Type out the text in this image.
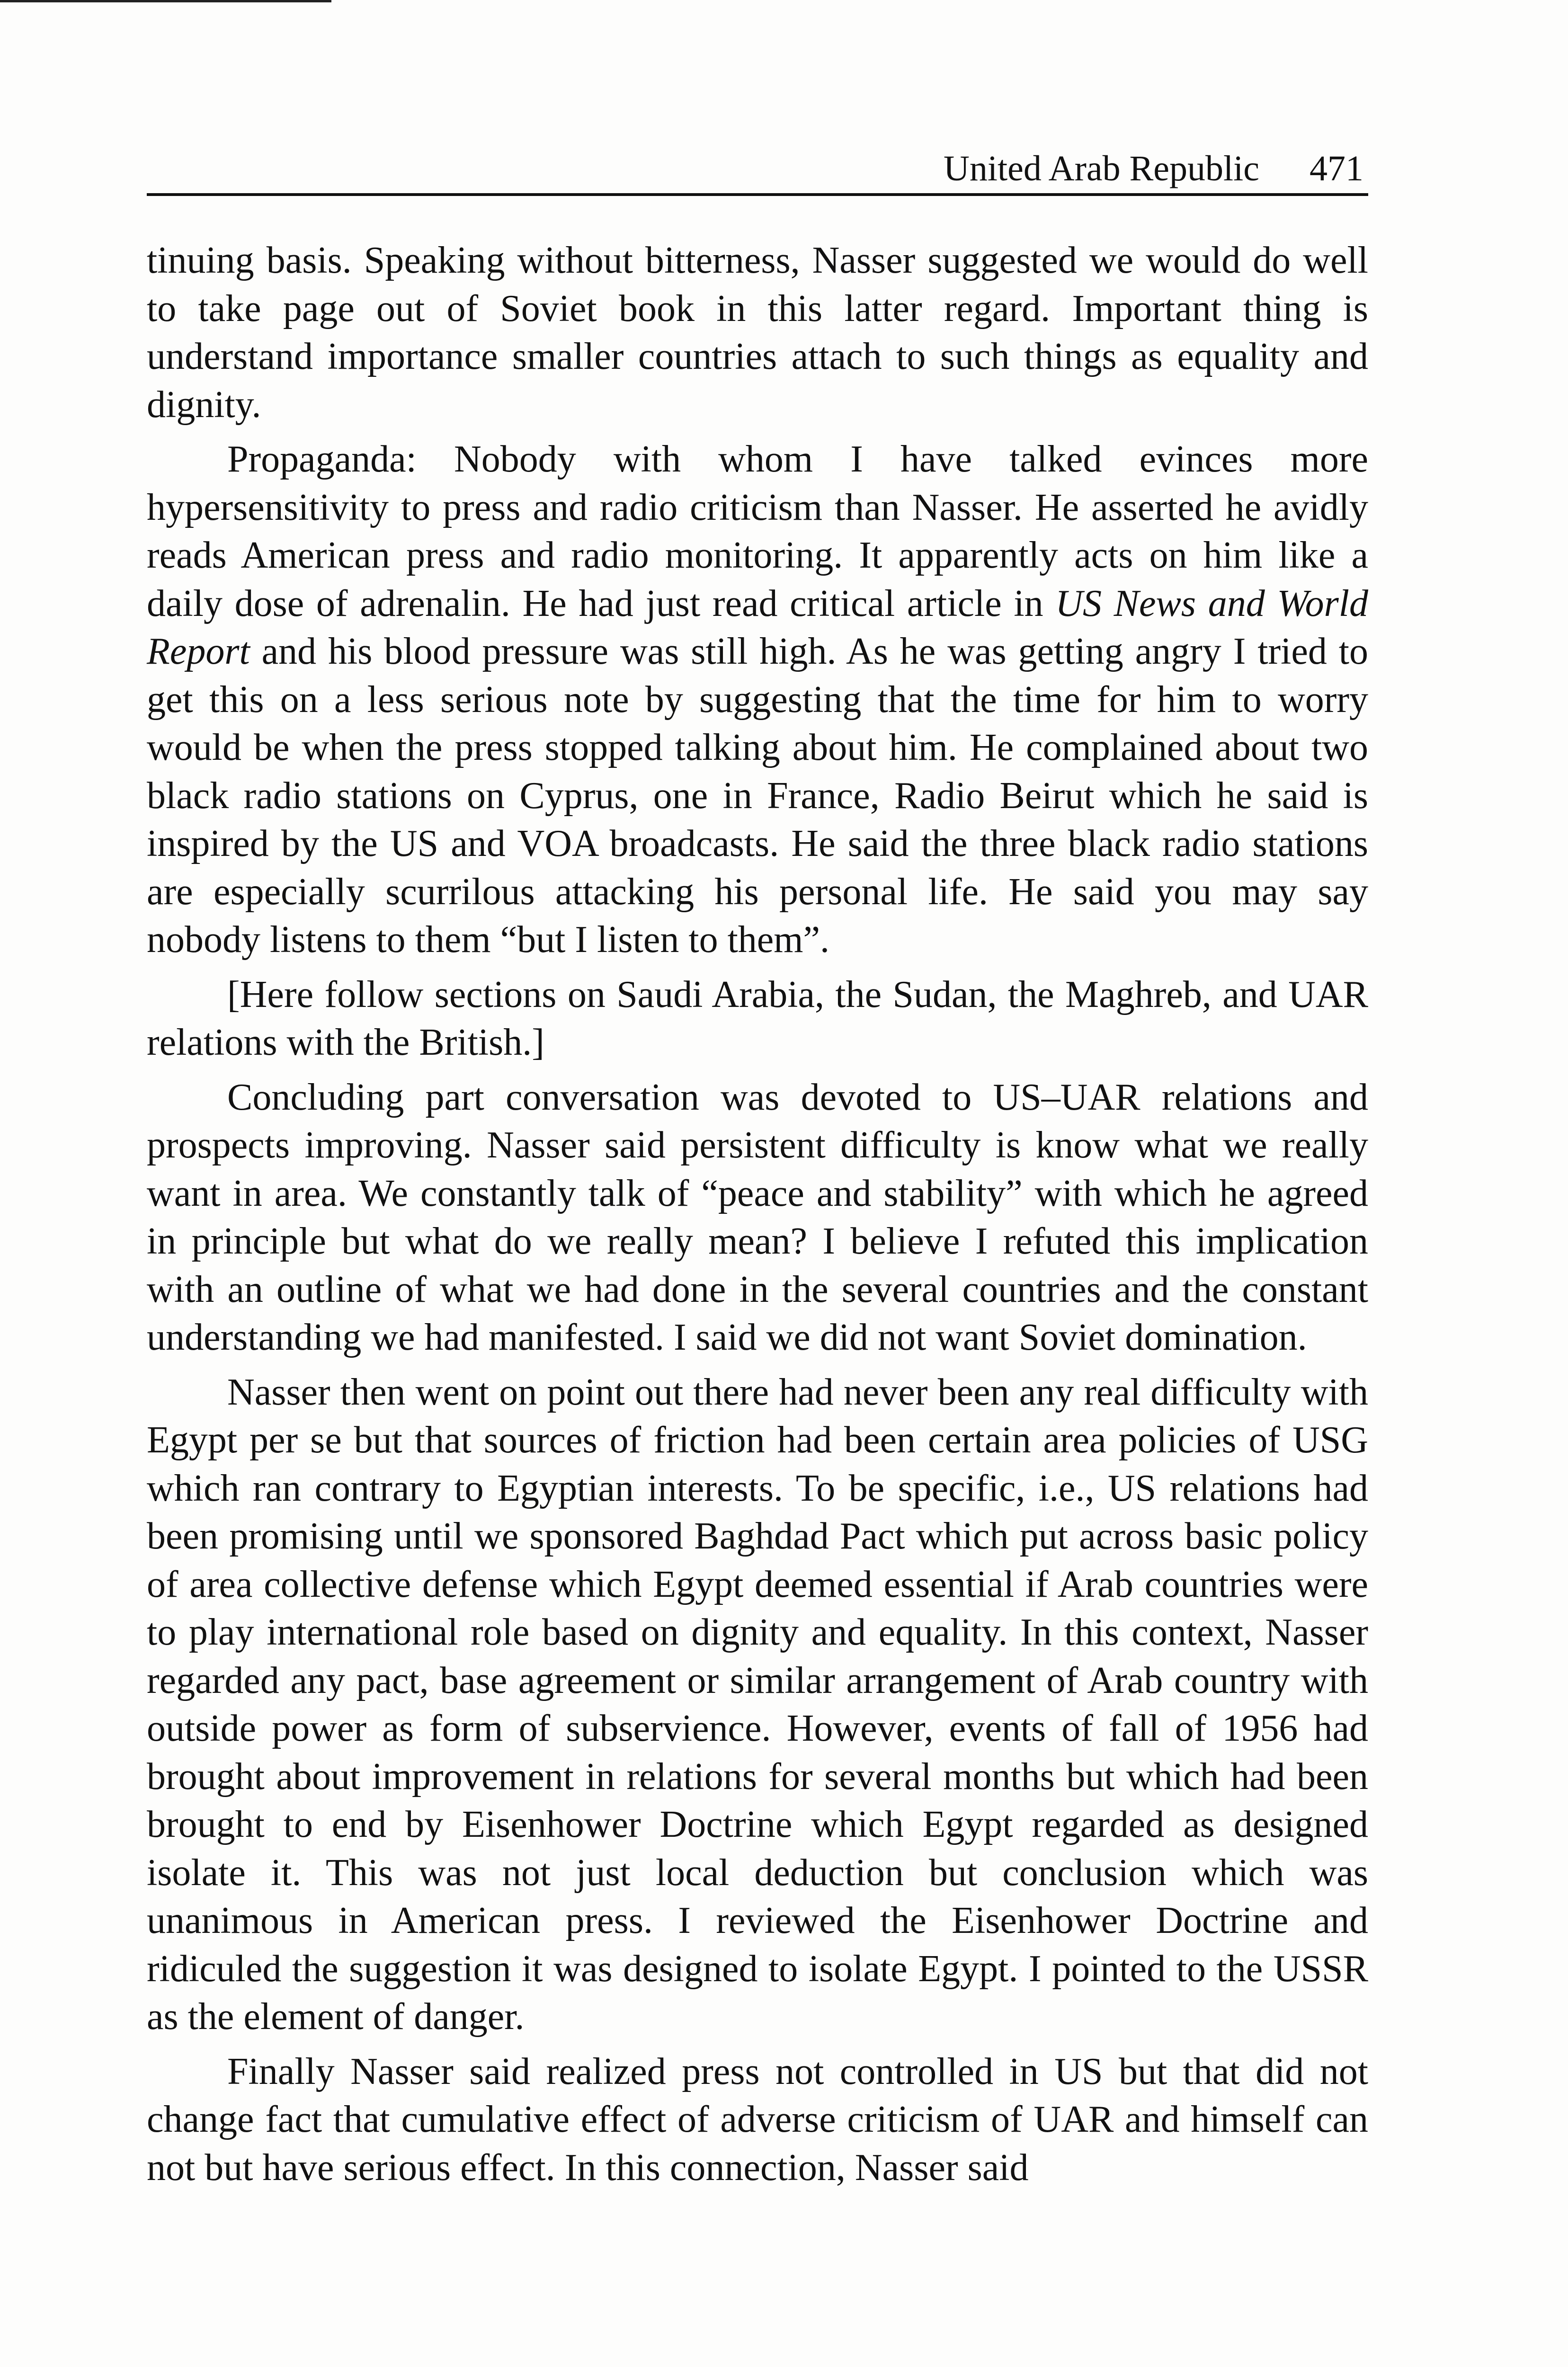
United Arab Republic 471

tinuing basis. Speaking without bitterness, Nasser suggested we would do well to take page out of Soviet book in this latter regard. Important thing is understand importance smaller countries attach to such things as equality and dignity.

Propaganda: Nobody with whom I have talked evinces more hypersensitivity to press and radio criticism than Nasser. He asserted he avidly reads American press and radio monitoring. It apparently acts on him like a daily dose of adrenalin. He had just read critical article in US News and World Report and his blood pressure was still high. As he was getting angry I tried to get this on a less serious note by suggesting that the time for him to worry would be when the press stopped talking about him. He complained about two black radio stations on Cyprus, one in France, Radio Beirut which he said is inspired by the US and VOA broadcasts. He said the three black radio stations are especially scurrilous attacking his personal life. He said you may say nobody listens to them “but I listen to them”.

[Here follow sections on Saudi Arabia, the Sudan, the Maghreb, and UAR relations with the British.]

Concluding part conversation was devoted to US–UAR relations and prospects improving. Nasser said persistent difficulty is know what we really want in area. We constantly talk of “peace and stability” with which he agreed in principle but what do we really mean? I believe I refuted this implication with an outline of what we had done in the several countries and the constant understanding we had manifested. I said we did not want Soviet domination.

Nasser then went on point out there had never been any real difficulty with Egypt per se but that sources of friction had been certain area policies of USG which ran contrary to Egyptian interests. To be specific, i.e., US relations had been promising until we sponsored Baghdad Pact which put across basic policy of area collective defense which Egypt deemed essential if Arab countries were to play international role based on dignity and equality. In this context, Nasser regarded any pact, base agreement or similar arrangement of Arab country with outside power as form of subservience. However, events of fall of 1956 had brought about improvement in relations for several months but which had been brought to end by Eisenhower Doctrine which Egypt regarded as designed isolate it. This was not just local deduction but conclusion which was unanimous in American press. I reviewed the Eisenhower Doctrine and ridiculed the suggestion it was designed to isolate Egypt. I pointed to the USSR as the element of danger.

Finally Nasser said realized press not controlled in US but that did not change fact that cumulative effect of adverse criticism of UAR and himself can not but have serious effect. In this connection, Nasser said
